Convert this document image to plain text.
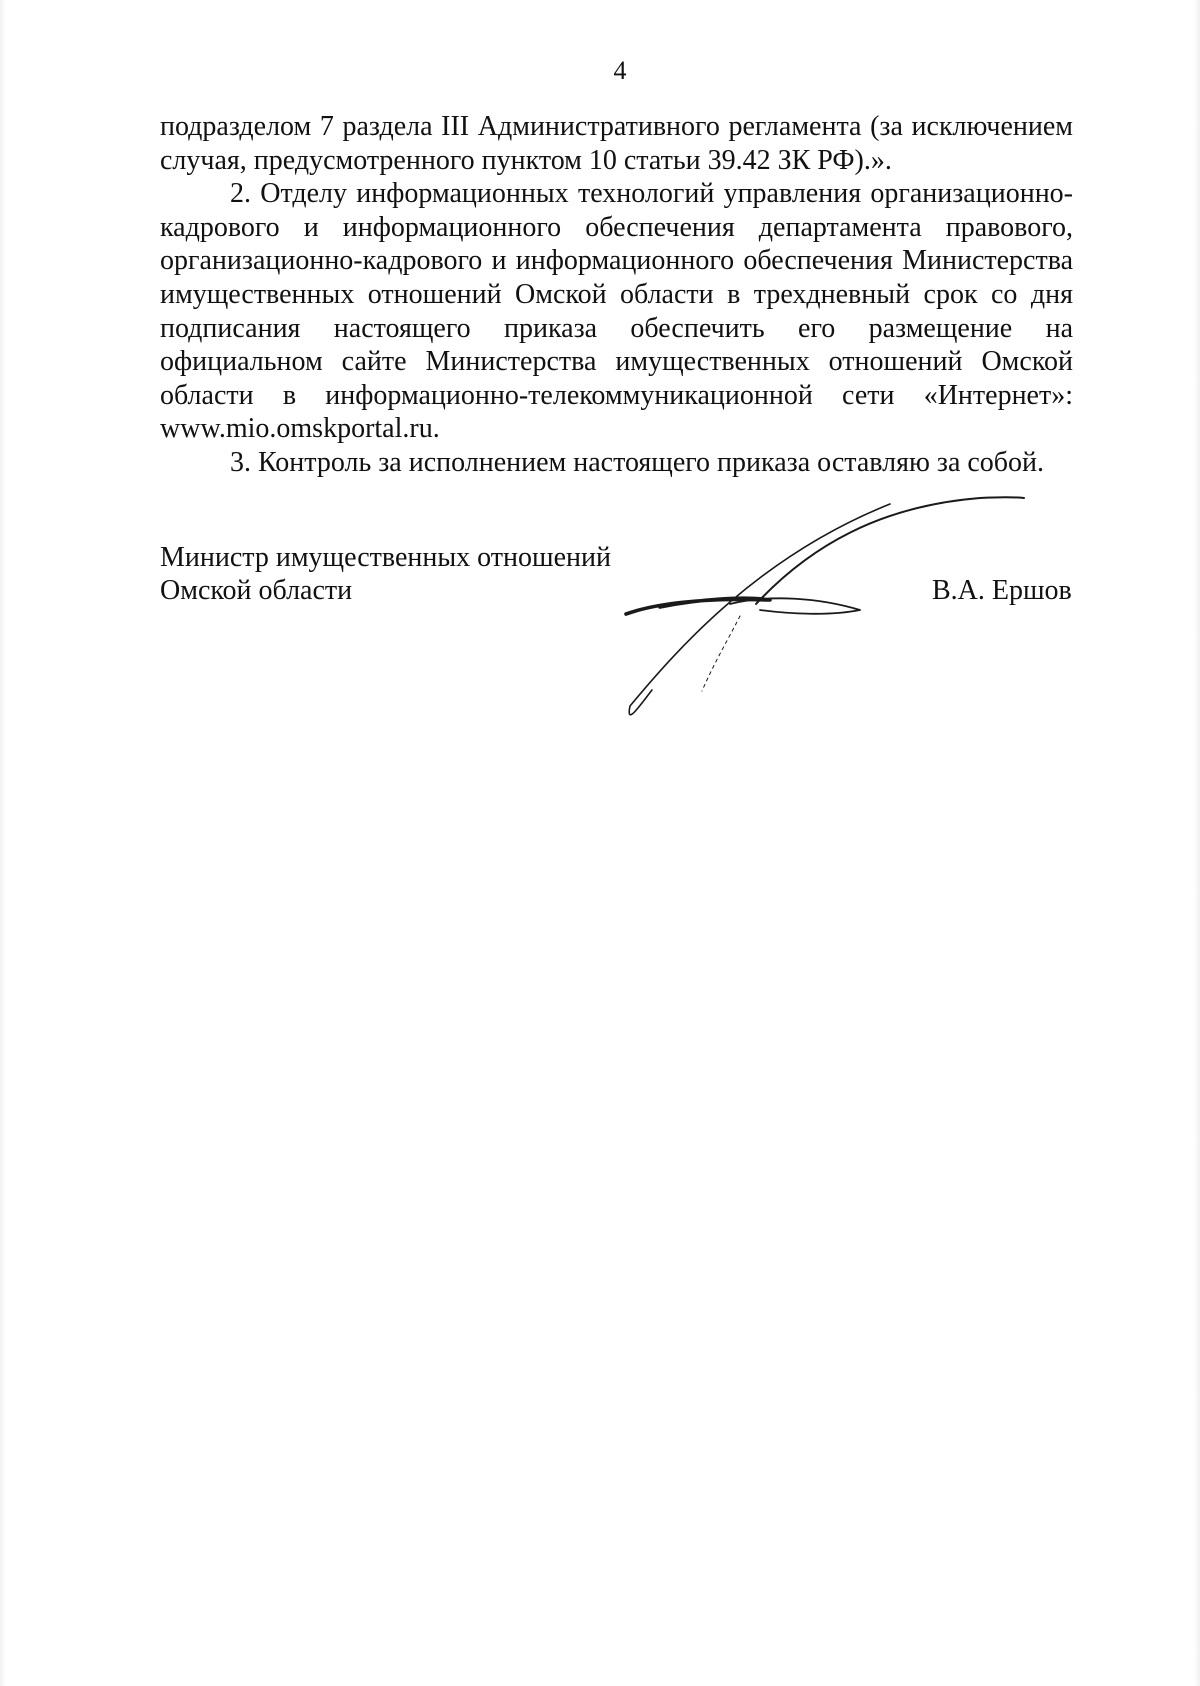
4

подразделом 7 раздела III Административного регламента (за исключением случая, предусмотренного пунктом 10 статьи 39.42 ЗК РФ).».

2. Отделу информационных технологий управления организационно-кадрового и информационного обеспечения департамента правового, организационно-кадрового и информационного обеспечения Министерства имущественных отношений Омской области в трехдневный срок со дня подписания настоящего приказа обеспечить его размещение на официальном сайте Министерства имущественных отношений Омской области в информационно-телекоммуникационной сети «Интернет»: www.mio.omskportal.ru.

3. Контроль за исполнением настоящего приказа оставляю за собой.

Министр имущественных отношений
Омской области	В.А. Ершов
